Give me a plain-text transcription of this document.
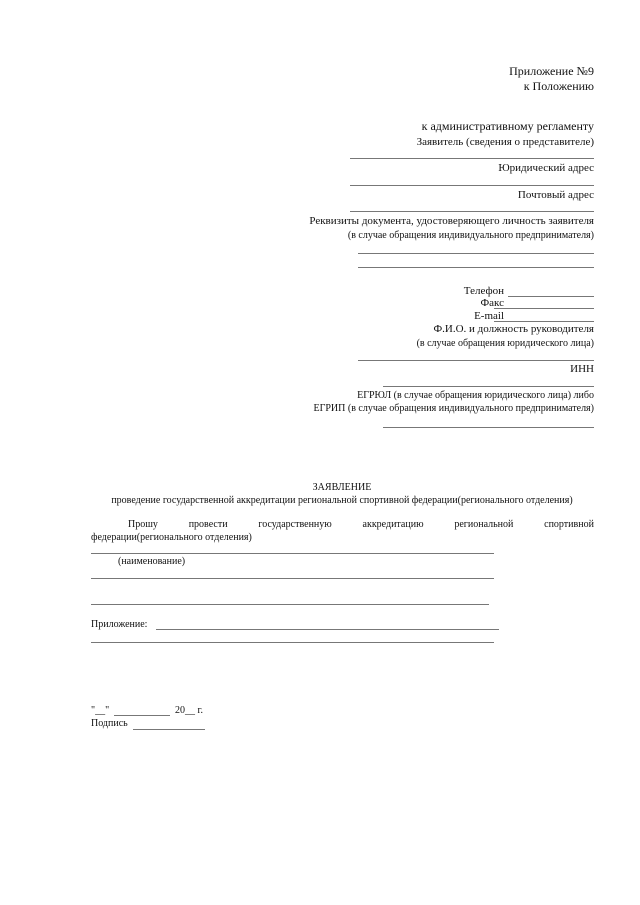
Приложение №9
к Положению
к административному регламенту
Заявитель (сведения о представителе)
Юридический адрес
Почтовый адрес
Реквизиты документа, удостоверяющего личность заявителя
(в случае обращения индивидуального предпринимателя)
Телефон
Факс
E-mail
Ф.И.О. и должность руководителя
(в случае обращения юридического лица)
ИНН
ЕГРЮЛ (в случае обращения юридического лица) либо
ЕГРИП (в случае обращения индивидуального предпринимателя)
ЗАЯВЛЕНИЕ
проведение государственной аккредитации региональной спортивной федерации(регионального отделения)
Прошу	провести	государственную	аккредитацию	региональной	спортивной
федерации(регионального отделения)
(наименование)
Приложение:
"__"	20__ г.
Подпись
